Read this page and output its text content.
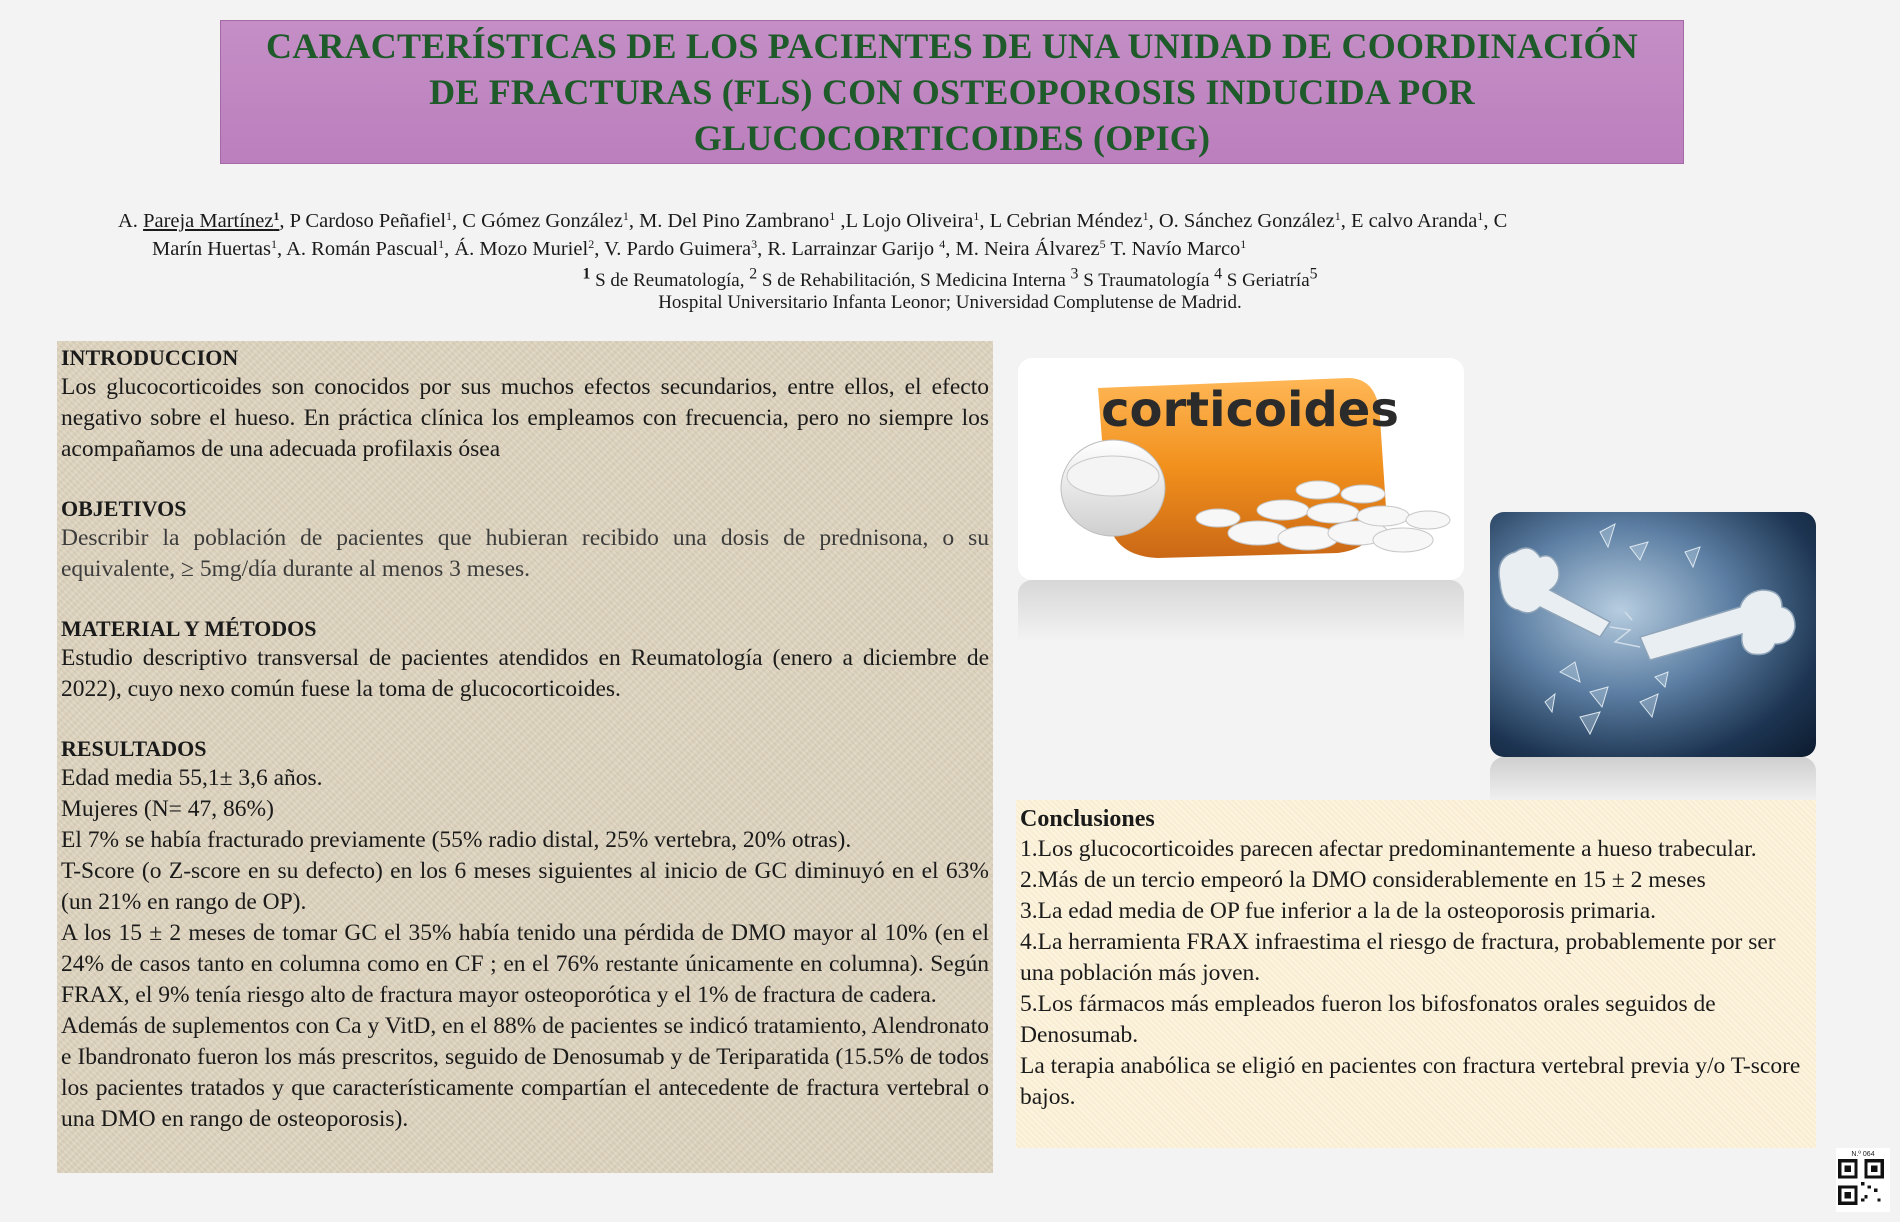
CARACTERÍSTICAS DE LOS PACIENTES DE UNA UNIDAD DE COORDINACIÓN
DE FRACTURAS (FLS) CON OSTEOPOROSIS INDUCIDA POR
GLUCOCORTICOIDES (OPIG)
A. Pareja Martínez$^1$, P Cardoso Peñafiel$^1$, C Gómez González$^1$, M. Del Pino Zambrano$^1$ ,L Lojo Oliveira$^1$, L Cebrian Méndez$^1$, O. Sánchez González$^1$, E calvo Aranda$^1$, C
Marín Huertas$^1$, A. Román Pascual$^1$, Á. Mozo Muriel$^2$, V. Pardo Guimera$^3$, R. Larrainzar Garijo $^4$, M. Neira Álvarez$^5$ T. Navío Marco$^1$
$^1$ S de Reumatología, $^2$ S de Rehabilitación, S Medicina Interna $^3$ S Traumatología $^4$ S Geriatría$^5$
Hospital Universitario Infanta Leonor; Universidad Complutense de Madrid.

INTRODUCCION

Los glucocorticoides son conocidos por sus muchos efectos secundarios, entre ellos, el efecto negativo sobre el hueso. En práctica clínica los empleamos con frecuencia, pero no siempre los acompañamos de una adecuada profilaxis ósea

OBJETIVOS

Describir la población de pacientes que hubieran recibido una dosis de prednisona, o su equivalente, ≥ 5mg/día durante al menos 3 meses.

MATERIAL Y MÉTODOS

Estudio descriptivo transversal de pacientes atendidos en Reumatología (enero a diciembre de 2022), cuyo nexo común fuese la toma de glucocorticoides.

RESULTADOS

Edad media 55,1± 3,6 años.

Mujeres (N= 47, 86%)

El 7% se había fracturado previamente (55% radio distal, 25% vertebra, 20% otras).

T-Score (o Z-score en su defecto) en los 6 meses siguientes al inicio de GC diminuyó en el 63% (un 21% en rango de OP).

A los 15 ± 2 meses de tomar GC el 35% había tenido una pérdida de DMO mayor al 10% (en el 24% de casos tanto en columna como en CF ; en el 76% restante únicamente en columna). Según FRAX, el 9% tenía riesgo alto de fractura mayor osteoporótica y el 1% de fractura de cadera.

Además de suplementos con Ca y VitD, en el 88% de pacientes se indicó tratamiento, Alendronato e Ibandronato fueron los más prescritos, seguido de Denosumab y de Teriparatida (15.5% de todos los pacientes tratados y que característicamente compartían el antecedente de fractura vertebral o una DMO en rango de osteoporosis).

corticoides

Conclusiones

1.Los glucocorticoides parecen afectar predominantemente a hueso trabecular.

2.Más de un tercio empeoró la DMO considerablemente en 15 ± 2 meses

3.La edad media de OP fue inferior a la de la osteoporosis primaria.

4.La herramienta FRAX infraestima el riesgo de fractura, probablemente por ser una población más joven.

5.Los fármacos más empleados fueron los bifosfonatos orales seguidos de Denosumab.

La terapia anabólica se eligió en pacientes con fractura vertebral previa y/o T-score bajos.

N.º 064
